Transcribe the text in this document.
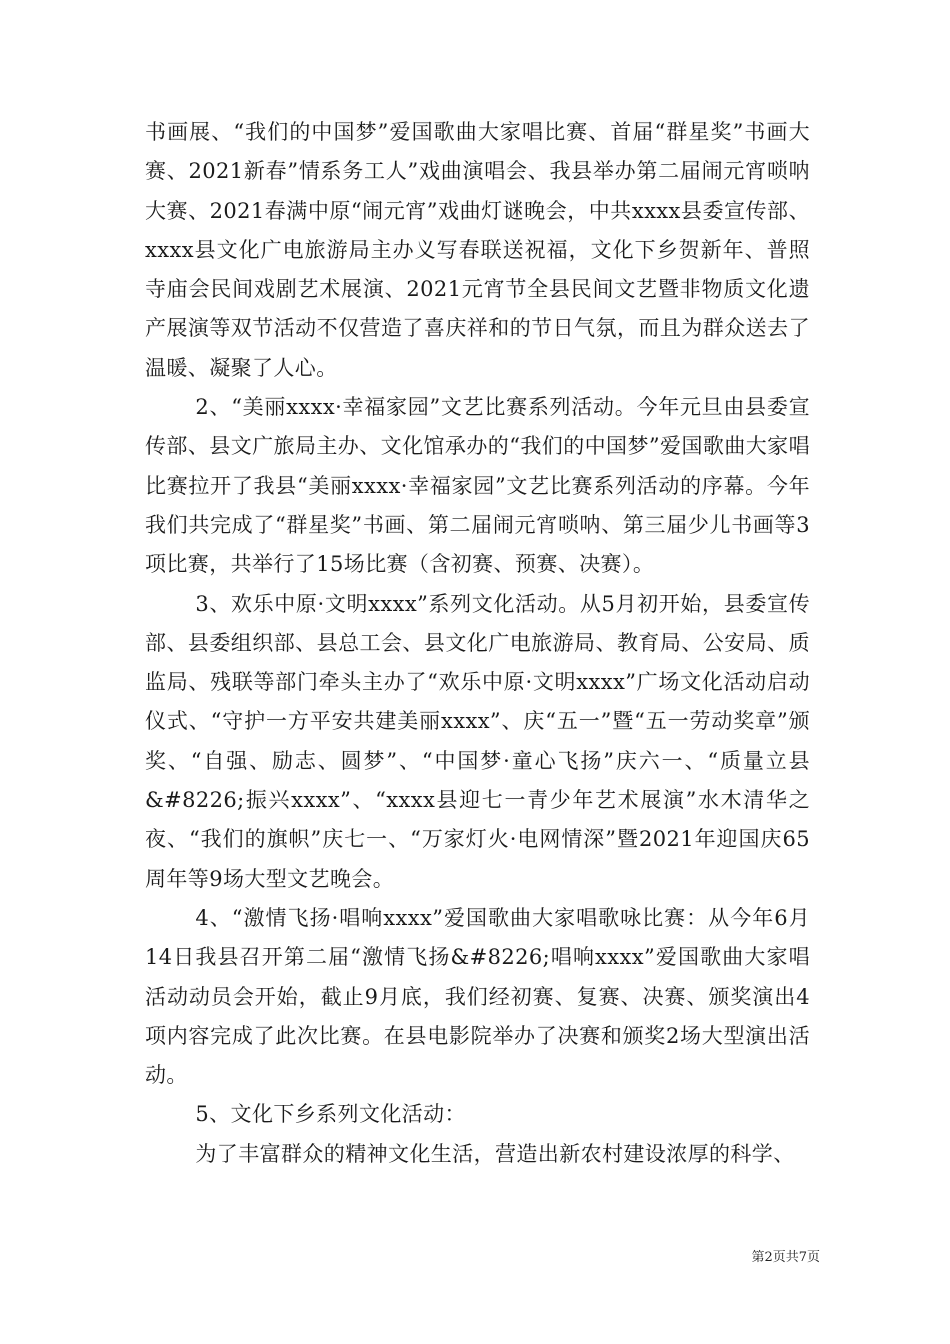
书画展、“我们的中国梦”爱国歌曲大家唱比赛、首届“群星奖”书画大赛、2021新春”情系务工人”戏曲演唱会、我县举办第二届闹元宵唢呐大赛、2021春满中原“闹元宵”戏曲灯谜晚会，中共xxxx县委宣传部、xxxx县文化广电旅游局主办义写春联送祝福，文化下乡贺新年、普照寺庙会民间戏剧艺术展演、2021元宵节全县民间文艺暨非物质文化遗产展演等双节活动不仅营造了喜庆祥和的节日气氛，而且为群众送去了温暖、凝聚了人心。

2、“美丽xxxx·幸福家园”文艺比赛系列活动。今年元旦由县委宣传部、县文广旅局主办、文化馆承办的“我们的中国梦”爱国歌曲大家唱比赛拉开了我县“美丽xxxx·幸福家园”文艺比赛系列活动的序幕。今年我们共完成了“群星奖”书画、第二届闹元宵唢呐、第三届少儿书画等3项比赛，共举行了15场比赛（含初赛、预赛、决赛）。

3、欢乐中原·文明xxxx”系列文化活动。从5月初开始，县委宣传部、县委组织部、县总工会、县文化广电旅游局、教育局、公安局、质监局、残联等部门牵头主办了“欢乐中原·文明xxxx”广场文化活动启动仪式、“守护一方平安共建美丽xxxx”、庆“五一”暨“五一劳动奖章”颁奖、“自强、励志、圆梦”、“中国梦·童心飞扬”庆六一、“质量立县&#8226;振兴xxxx”、“xxxx县迎七一青少年艺术展演”水木清华之夜、“我们的旗帜”庆七一、“万家灯火·电网情深”暨2021年迎国庆65周年等9场大型文艺晚会。

4、“激情飞扬·唱响xxxx”爱国歌曲大家唱歌咏比赛：从今年6月14日我县召开第二届“激情飞扬&#8226;唱响xxxx”爱国歌曲大家唱活动动员会开始，截止9月底，我们经初赛、复赛、决赛、颁奖演出4项内容完成了此次比赛。在县电影院举办了决赛和颁奖2场大型演出活动。

5、文化下乡系列文化活动：

为了丰富群众的精神文化生活，营造出新农村建设浓厚的科学、

第2页共7页
